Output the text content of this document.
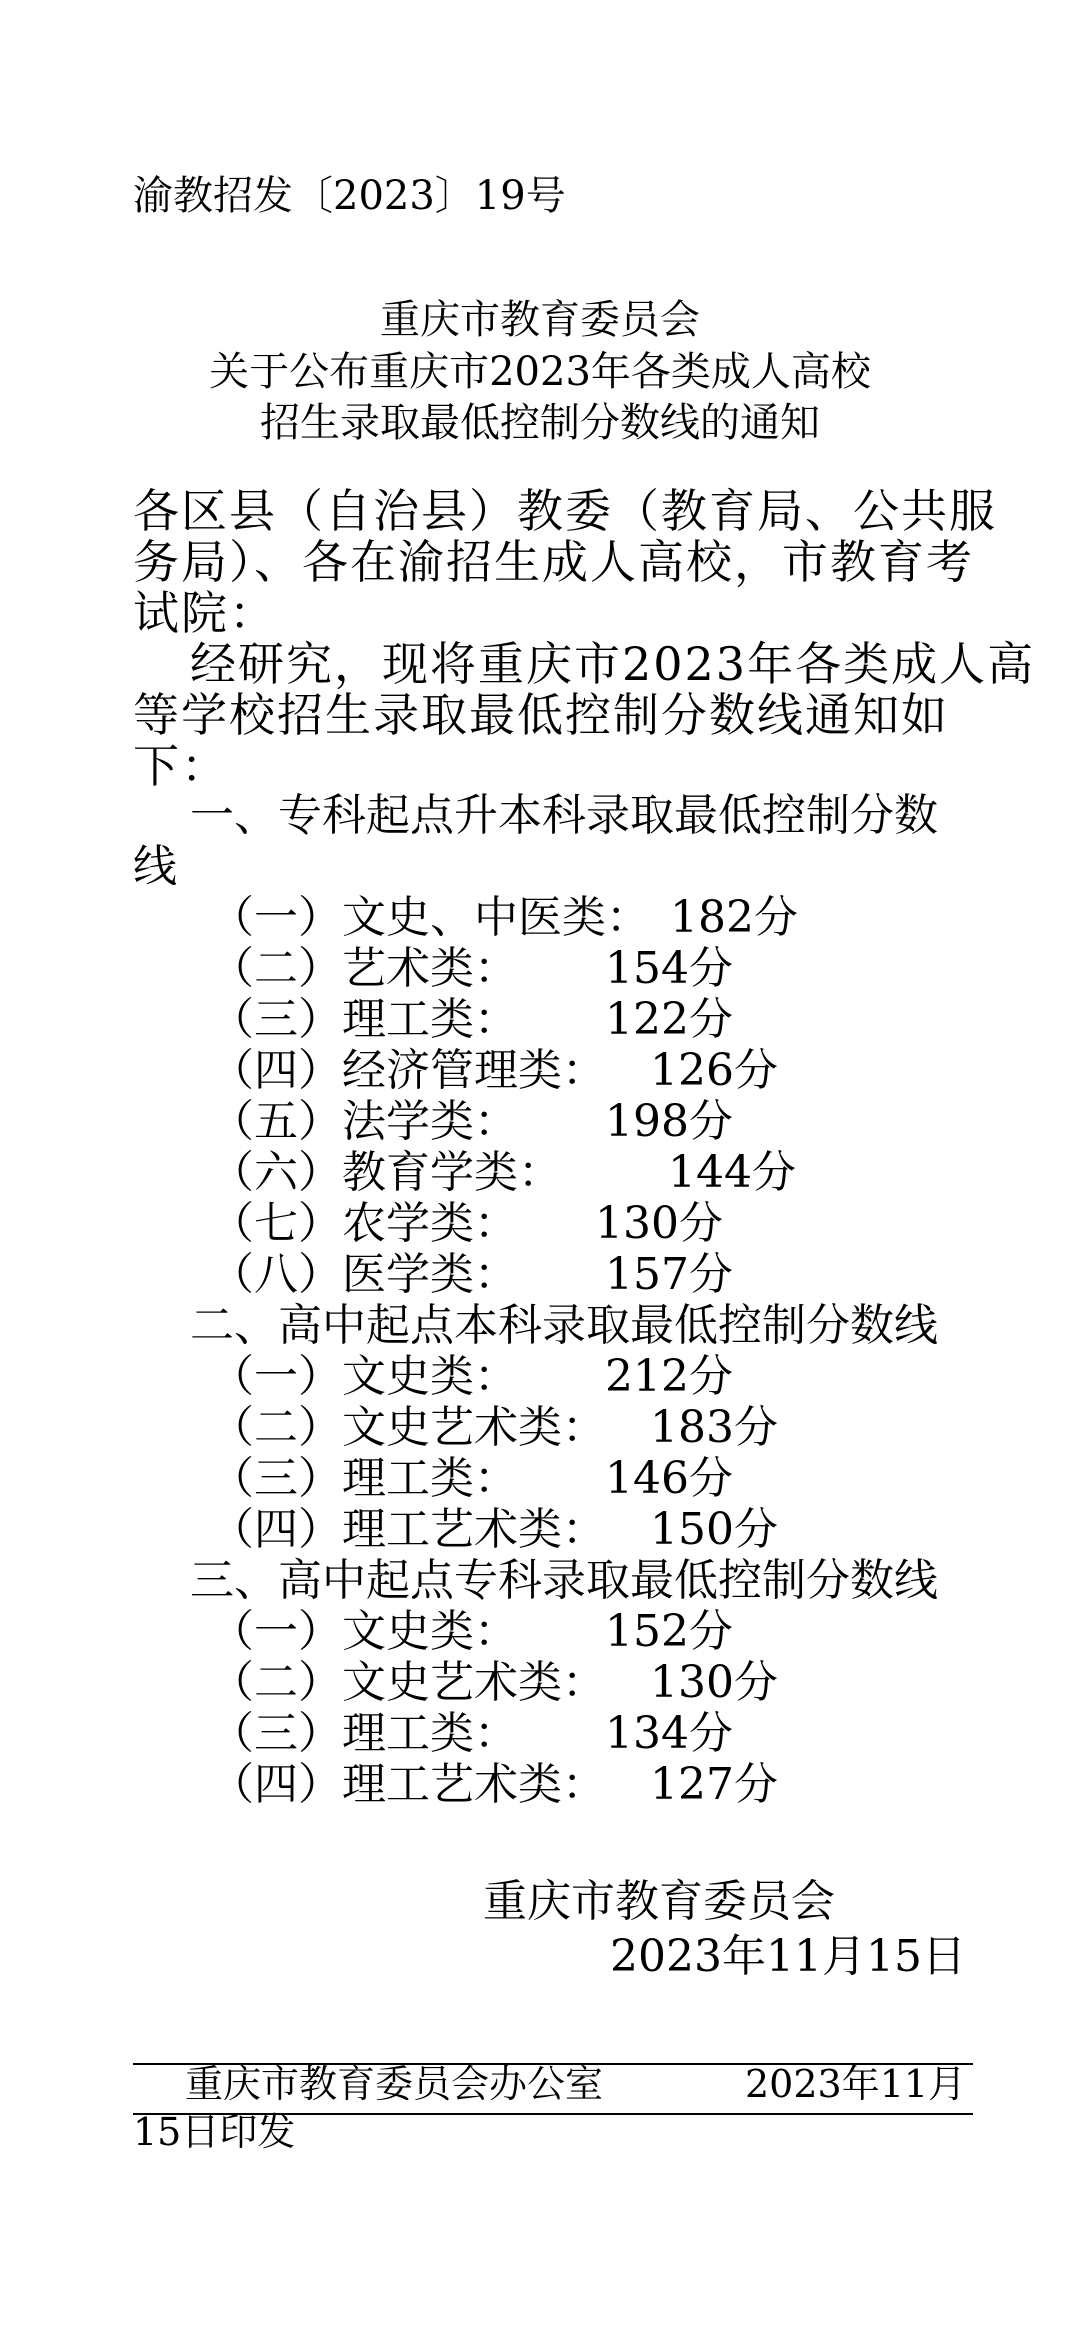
渝教招发〔2023〕19号
重庆市教育委员会
关于公布重庆市2023年各类成人高校
招生录取最低控制分数线的通知
各区县（自治县）教委（教育局、公共服
务局）、各在渝招生成人高校，市教育考
试院：
经研究，现将重庆市2023年各类成人高
等学校招生录取最低控制分数线通知如
下：
一、专科起点升本科录取最低控制分数
线
（一）文史、中医类： 182分
（二）艺术类： 154分
（三）理工类： 122分
（四）经济管理类： 126分
（五）法学类： 198分
（六）教育学类： 144分
（七）农学类： 130分
（八）医学类： 157分
二、高中起点本科录取最低控制分数线
（一）文史类： 212分
（二）文史艺术类： 183分
（三）理工类： 146分
（四）理工艺术类： 150分
三、高中起点专科录取最低控制分数线
（一）文史类： 152分
（二）文史艺术类： 130分
（三）理工类： 134分
（四）理工艺术类： 127分
重庆市教育委员会
2023年11月15日
重庆市教育委员会办公室	2023年11月
15日印发
